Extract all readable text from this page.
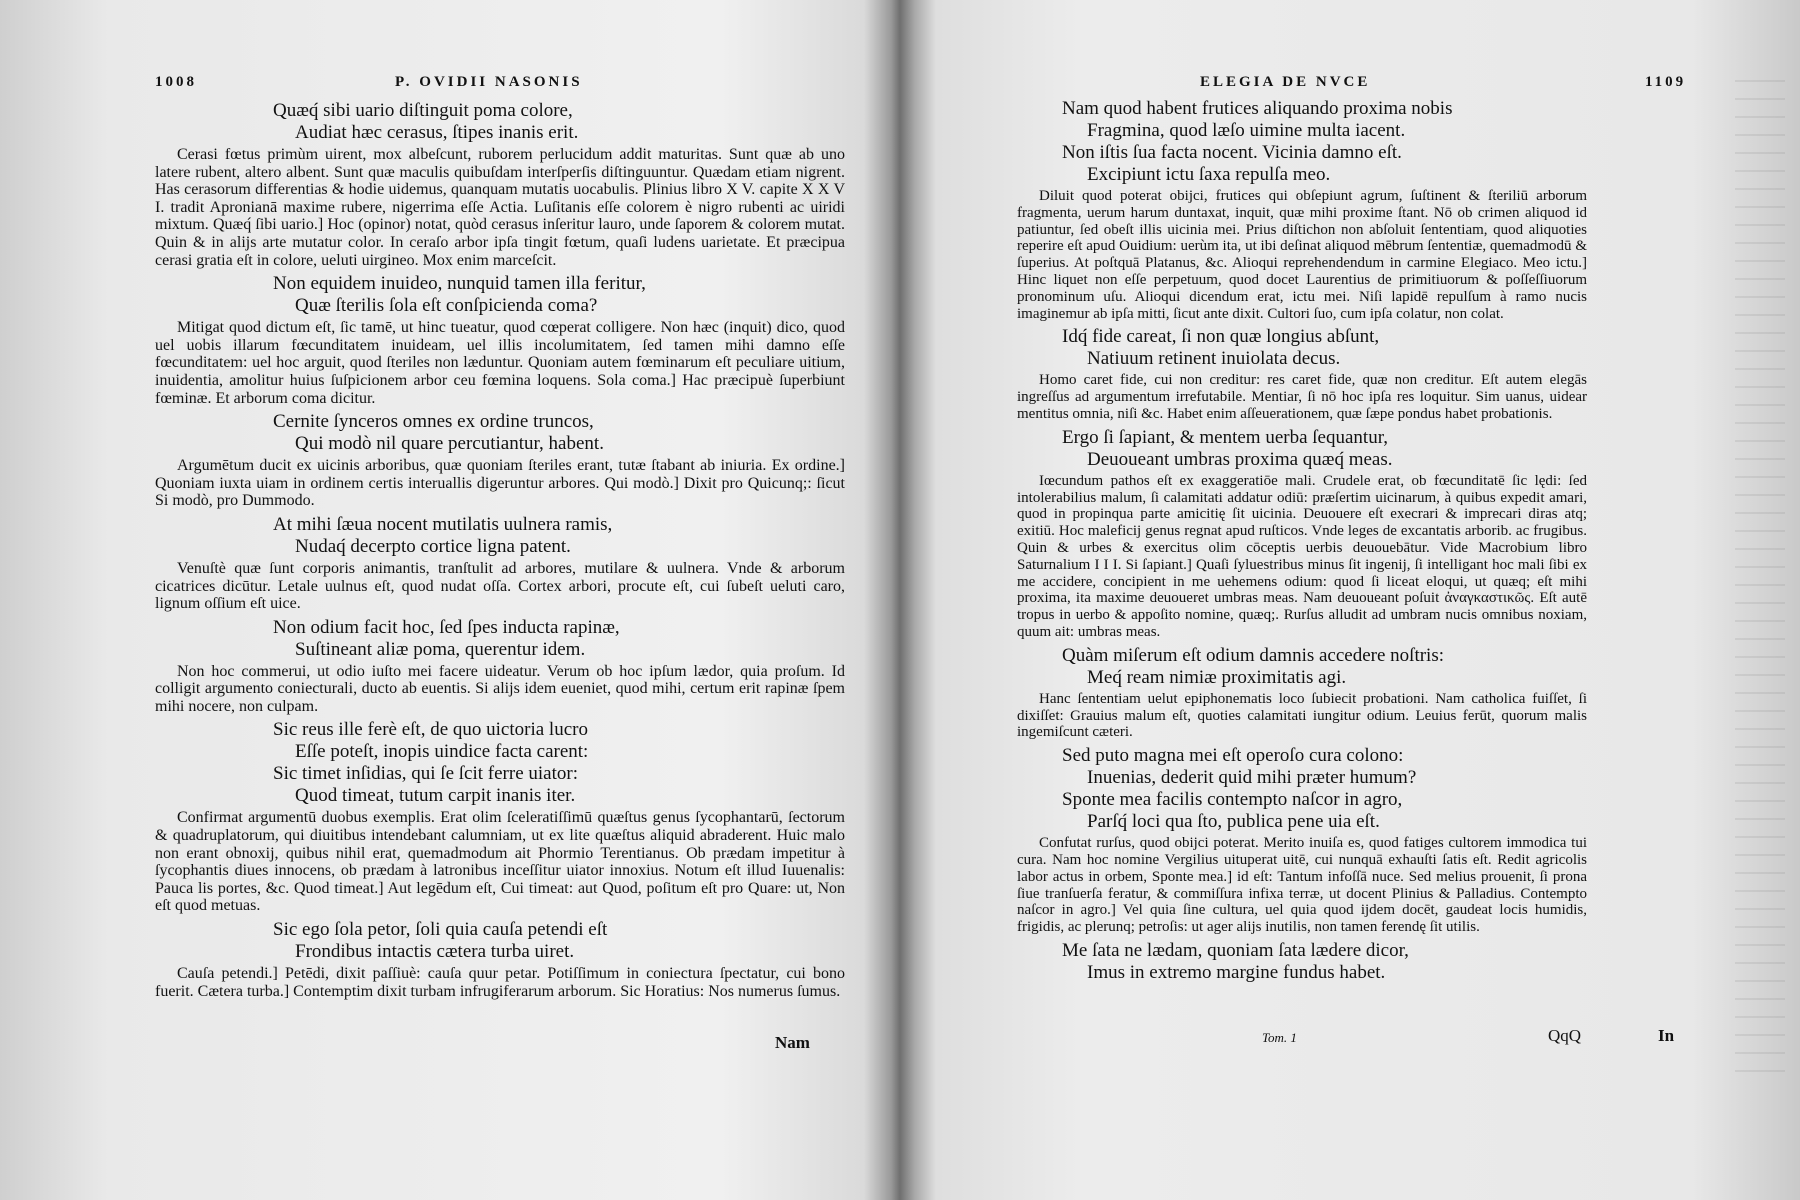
1008	P. OVIDII NASONIS
Quæq́ sibi uario diſtinguit poma colore,
Audiat hæc cerasus, ſtipes inanis erit.
Cerasi fœtus primùm uirent, mox albeſcunt, ruborem perlucidum addit maturitas. Sunt quæ ab uno latere rubent, altero albent. Sunt quæ maculis quibuſdam interſperſis diſtinguuntur. Quædam etiam nigrent. Has cerasorum differentias & hodie uidemus, quanquam mutatis uocabulis. Plinius libro X V. capite X X V I. tradit Apronianā maxime rubere, nigerrima eſſe Actia. Luſitanis eſſe colorem è nigro rubenti ac uiridi mixtum. Quæq́ ſibi uario.] Hoc (opinor) notat, quòd cerasus inſeritur lauro, unde ſaporem & colorem mutat. Quin & in alijs arte mutatur color. In ceraſo arbor ipſa tingit fœtum, quaſi ludens uarietate. Et præcipua cerasi gratia eſt in colore, ueluti uirgineo. Mox enim marceſcit.
Non equidem inuideo, nunquid tamen illa feritur,
Quæ ſterilis ſola eſt conſpicienda coma?
Mitigat quod dictum eſt, ſic tamē, ut hinc tueatur, quod cœperat colligere. Non hæc (inquit) dico, quod uel uobis illarum fœcunditatem inuideam, uel illis incolumitatem, ſed tamen mihi damno eſſe fœcunditatem: uel hoc arguit, quod ſteriles non læduntur. Quoniam autem fœminarum eſt peculiare uitium, inuidentia, amolitur huius ſuſpicionem arbor ceu fœmina loquens. Sola coma.] Hac præcipuè ſuperbiunt fœminæ. Et arborum coma dicitur.
Cernite ſynceros omnes ex ordine truncos,
Qui modò nil quare percutiantur, habent.
Argumētum ducit ex uicinis arboribus, quæ quoniam ſteriles erant, tutæ ſtabant ab iniuria. Ex ordine.] Quoniam iuxta uiam in ordinem certis interuallis digeruntur arbores. Qui modò.] Dixit pro Quicunq;: ſicut Si modò, pro Dummodo.
At mihi ſæua nocent mutilatis uulnera ramis,
Nudaq́ decerpto cortice ligna patent.
Venuſtè quæ ſunt corporis animantis, tranſtulit ad arbores, mutilare & uulnera. Vnde & arborum cicatrices dicūtur. Letale uulnus eſt, quod nudat oſſa. Cortex arbori, procute eſt, cui ſubeſt ueluti caro, lignum oſſium eſt uice.
Non odium facit hoc, ſed ſpes inducta rapinæ,
Suſtineant aliæ poma, querentur idem.
Non hoc commerui, ut odio iuſto mei facere uideatur. Verum ob hoc ipſum lædor, quia proſum. Id colligit argumento coniecturali, ducto ab euentis. Si alijs idem eueniet, quod mihi, certum erit rapinæ ſpem mihi nocere, non culpam.
Sic reus ille ferè eſt, de quo uictoria lucro
Eſſe poteſt, inopis uindice facta carent:
Sic timet inſidias, qui ſe ſcit ferre uiator:
Quod timeat, tutum carpit inanis iter.
Confirmat argumentū duobus exemplis. Erat olim ſceleratiſſimū quæſtus genus ſycophantarū, ſectorum & quadruplatorum, qui diuitibus intendebant calumniam, ut ex lite quæſtus aliquid abraderent. Huic malo non erant obnoxij, quibus nihil erat, quemadmodum ait Phormio Terentianus. Ob prædam impetitur à ſycophantis diues innocens, ob prædam à latronibus inceſſitur uiator innoxius. Notum eſt illud Iuuenalis: Pauca lis portes, &c. Quod timeat.] Aut legēdum eſt, Cui timeat: aut Quod, poſitum eſt pro Quare: ut, Non eſt quod metuas.
Sic ego ſola petor, ſoli quia cauſa petendi eſt
Frondibus intactis cætera turba uiret.
Cauſa petendi.] Petēdi, dixit paſſiuè: cauſa quur petar. Potiſſimum in coniectura ſpectatur, cui bono fuerit. Cætera turba.] Contemptim dixit turbam infrugiferarum arborum. Sic Horatius: Nos numerus ſumus.
Nam
ELEGIA DE NVCE	1109
Nam quod habent frutices aliquando proxima nobis
Fragmina, quod læſo uimine multa iacent.
Non iſtis ſua facta nocent. Vicinia damno eſt.
Excipiunt ictu ſaxa repulſa meo.
Diluit quod poterat obijci, frutices qui obſepiunt agrum, ſuſtinent & ſteriliū arborum fragmenta, uerum harum duntaxat, inquit, quæ mihi proxime ſtant. Nō ob crimen aliquod id patiuntur, ſed obeſt illis uicinia mei. Prius diſtichon non abſoluit ſententiam, quod aliquoties reperire eſt apud Ouidium: uerùm ita, ut ibi deſinat aliquod mēbrum ſententiæ, quemadmodū & ſuperius. At poſtquā Platanus, &c. Alioqui reprehendendum in carmine Elegiaco. Meo ictu.] Hinc liquet non eſſe perpetuum, quod docet Laurentius de primitiuorum & poſſeſſiuorum pronominum uſu. Alioqui dicendum erat, ictu mei. Niſi lapidē repulſum à ramo nucis imaginemur ab ipſa mitti, ſicut ante dixit. Cultori ſuo, cum ipſa colatur, non colat.
Idq́ fide careat, ſi non quæ longius abſunt,
Natiuum retinent inuiolata decus.
Homo caret fide, cui non creditur: res caret fide, quæ non creditur. Eſt autem elegās ingreſſus ad argumentum irrefutabile. Mentiar, ſi nō hoc ipſa res loquitur. Sim uanus, uidear mentitus omnia, niſi &c. Habet enim aſſeuerationem, quæ ſæpe pondus habet probationis.
Ergo ſi ſapiant, & mentem uerba ſequantur,
Deuoueant umbras proxima quæq́ meas.
Iœcundum pathos eſt ex exaggeratiōe mali. Crudele erat, ob fœcunditatē ſic lędi: ſed intolerabilius malum, ſi calamitati addatur odiū: præſertim uicinarum, à quibus expedit amari, quod in propinqua parte amicitię ſit uicinia. Deuouere eſt execrari & imprecari diras atq; exitiū. Hoc maleficij genus regnat apud ruſticos. Vnde leges de excantatis arborib. ac frugibus. Quin & urbes & exercitus olim cōceptis uerbis deuouebātur. Vide Macrobium libro Saturnalium I I I. Si ſapiant.] Quaſi ſyluestribus minus ſit ingenij, ſi intelligant hoc mali ſibi ex me accidere, concipient in me uehemens odium: quod ſi liceat eloqui, ut quæq; eſt mihi proxima, ita maxime deuoueret umbras meas. Nam deuoueant poſuit ἀναγκαστικῶς. Eſt autē tropus in uerbo & appoſito nomine, quæq;. Rurſus alludit ad umbram nucis omnibus noxiam, quum ait: umbras meas.
Quàm miſerum eſt odium damnis accedere noſtris:
Meq́ ream nimiæ proximitatis agi.
Hanc ſententiam uelut epiphonematis loco ſubiecit probationi. Nam catholica fuiſſet, ſi dixiſſet: Grauius malum eſt, quoties calamitati iungitur odium. Leuius ferūt, quorum malis ingemiſcunt cæteri.
Sed puto magna mei eſt operoſo cura colono:
Inuenias, dederit quid mihi præter humum?
Sponte mea facilis contempto naſcor in agro,
Parſq́ loci qua ſto, publica pene uia eſt.
Confutat rurſus, quod obijci poterat. Merito inuiſa es, quod fatiges cultorem immodica tui cura. Nam hoc nomine Vergilius uituperat uitē, cui nunquā exhauſti ſatis eſt. Redit agricolis labor actus in orbem, Sponte mea.] id eſt: Tantum infoſſā nuce. Sed melius prouenit, ſi prona ſiue tranſuerſa feratur, & commiſſura infixa terræ, ut docent Plinius & Palladius. Contempto naſcor in agro.] Vel quia ſine cultura, uel quia quod ijdem docēt, gaudeat locis humidis, frigidis, ac plerunq; petroſis: ut ager alijs inutilis, non tamen ferendę ſit utilis.
Me ſata ne lædam, quoniam ſata lædere dicor,
Imus in extremo margine fundus habet.
Tom. 1	QqQ	In
